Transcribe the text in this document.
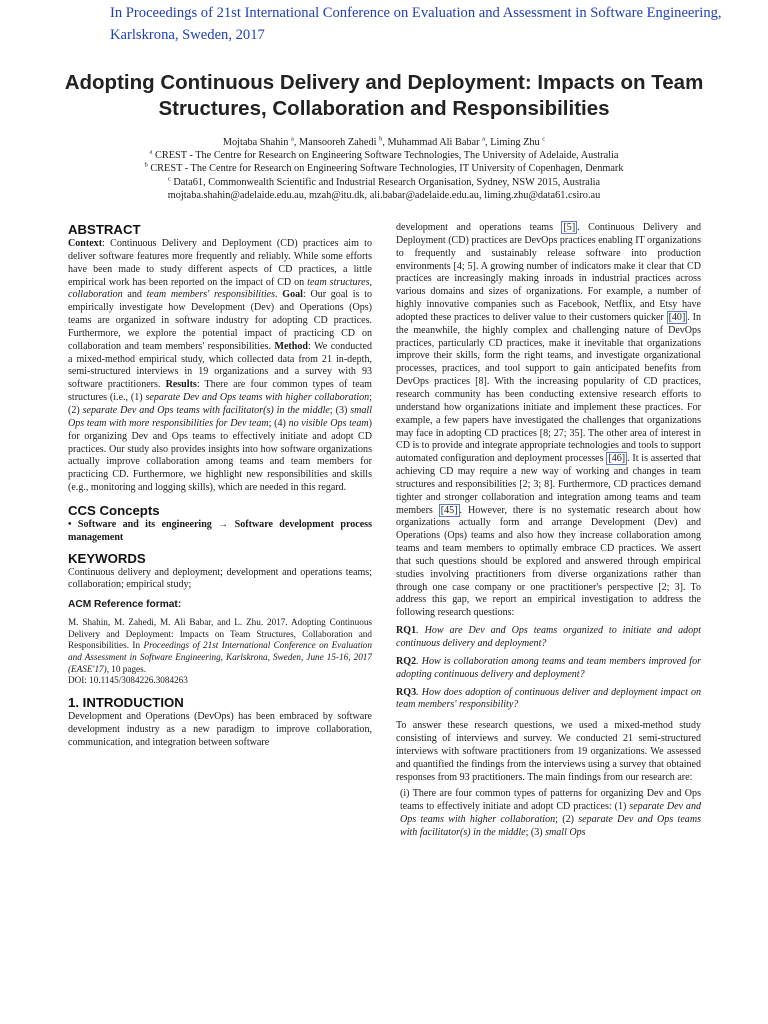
In Proceedings of 21st International Conference on Evaluation and Assessment in Software Engineering, Karlskrona, Sweden, 2017
Adopting Continuous Delivery and Deployment: Impacts on Team Structures, Collaboration and Responsibilities
Mojtaba Shahin $^a$, Mansooreh Zahedi $^b$, Muhammad Ali Babar $^a$, Liming Zhu $^c$
$^a$ CREST - The Centre for Research on Engineering Software Technologies, The University of Adelaide, Australia
$^b$ CREST - The Centre for Research on Engineering Software Technologies, IT University of Copenhagen, Denmark
$^c$ Data61, Commonwealth Scientific and Industrial Research Organisation, Sydney, NSW 2015, Australia
mojtaba.shahin@adelaide.edu.au, mzah@itu.dk, ali.babar@adelaide.edu.au, liming.zhu@data61.csiro.au
ABSTRACT

Context: Continuous Delivery and Deployment (CD) practices aim to deliver software features more frequently and reliably. While some efforts have been made to study different aspects of CD practices, a little empirical work has been reported on the impact of CD on team structures, collaboration and team members' responsibilities. Goal: Our goal is to empirically investigate how Development (Dev) and Operations (Ops) teams are organized in software industry for adopting CD practices. Furthermore, we explore the potential impact of practicing CD on collaboration and team members' responsibilities. Method: We conducted a mixed-method empirical study, which collected data from 21 in-depth, semi-structured interviews in 19 organizations and a survey with 93 software practitioners. Results: There are four common types of team structures (i.e., (1) separate Dev and Ops teams with higher collaboration; (2) separate Dev and Ops teams with facilitator(s) in the middle; (3) small Ops team with more responsibilities for Dev team; (4) no visible Ops team) for organizing Dev and Ops teams to effectively initiate and adopt CD practices. Our study also provides insights into how software organizations actually improve collaboration among teams and team members for practicing CD. Furthermore, we highlight new responsibilities and skills (e.g., monitoring and logging skills), which are needed in this regard.

CCS Concepts

• Software and its engineering → Software development process management

KEYWORDS

Continuous delivery and deployment; development and operations teams; collaboration; empirical study;

ACM Reference format:

M. Shahin, M. Zahedi, M. Ali Babar, and L. Zhu. 2017. Adopting Continuous Delivery and Deployment: Impacts on Team Structures, Collaboration and Responsibilities. In Proceedings of 21st International Conference on Evaluation and Assessment in Software Engineering, Karlskrona, Sweden, June 15-16, 2017 (EASE'17), 10 pages.

DOI: 10.1145/3084226.3084263

1. INTRODUCTION

Development and Operations (DevOps) has been embraced by software development industry as a new paradigm to improve collaboration, communication, and integration between software

development and operations teams [5] . Continuous Delivery and Deployment (CD) practices are DevOps practices enabling IT organizations to frequently and sustainably release software into production environments [4; 5]. A growing number of indicators make it clear that CD practices are increasingly making inroads in industrial practices across various domains and sizes of organizations. For example, a number of highly innovative companies such as Facebook, Netflix, and Etsy have adopted these practices to deliver value to their customers quicker [40] . In the meanwhile, the highly complex and challenging nature of DevOps practices, particularly CD practices, make it inevitable that organizations improve their skills, form the right teams, and investigate organizational processes, practices, and tool support to gain anticipated benefits from DevOps practices [8]. With the increasing popularity of CD practices, research community has been conducting extensive research efforts to understand how organizations initiate and implement these practices. For example, a few papers have investigated the challenges that organizations may face in adopting CD practices [8; 27; 35]. The other area of interest in CD is to provide and integrate appropriate technologies and tools to support automated configuration and deployment processes [46] . It is asserted that achieving CD may require a new way of working and changes in team structures and responsibilities [2; 3; 8]. Furthermore, CD practices demand tighter and stronger collaboration and integration among teams and team members [45] . However, there is no systematic research about how organizations actually form and arrange Development (Dev) and Operations (Ops) teams and also how they increase collaboration among teams and team members to optimally embrace CD practices. We assert that such questions should be explored and answered through empirical studies involving practitioners from diverse organizations rather than through one case company or one practitioner's perspective [2; 3]. To address this gap, we report an empirical investigation to address the following research questions:

RQ1. How are Dev and Ops teams organized to initiate and adopt continuous delivery and deployment?

RQ2. How is collaboration among teams and team members improved for adopting continuous delivery and deployment?

RQ3. How does adoption of continuous deliver and deployment impact on team members' responsibility?

To answer these research questions, we used a mixed-method study consisting of interviews and survey. We conducted 21 semi-structured interviews with software practitioners from 19 organizations. We assessed and quantified the findings from the interviews using a survey that obtained responses from 93 practitioners. The main findings from our research are:

(i) There are four common types of patterns for organizing Dev and Ops teams to effectively initiate and adopt CD practices: (1) separate Dev and Ops teams with higher collaboration; (2) separate Dev and Ops teams with facilitator(s) in the middle; (3) small Ops
